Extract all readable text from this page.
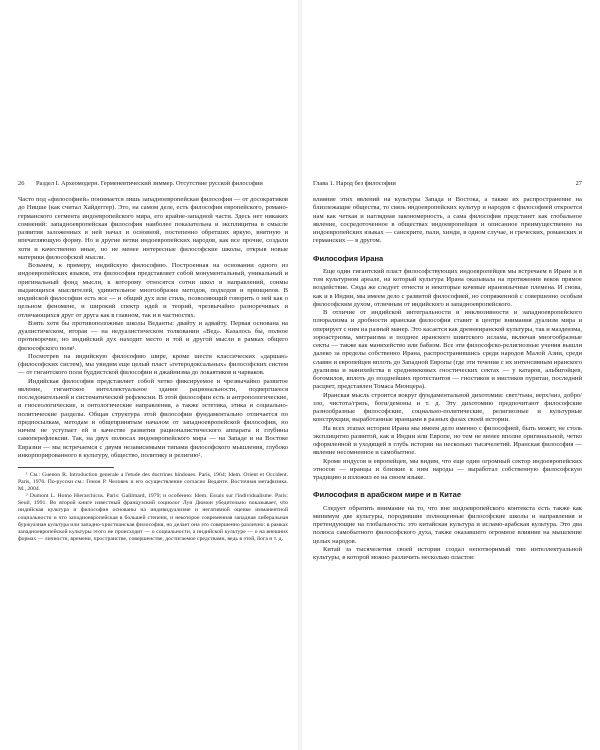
26 Раздел I. Археомодерн. Герменевтический зиммер. Отсутствие русской философии

Часто под «философией» понимается лишь западноевропейская философия — от досократиков до Ницше (как считал Хайдеггер). Это, на самом деле, есть философия европейского, романо-германского сегмента индоевропейского мира, его крайне-западной части. Здесь нет никаких сомнений: западноевропейская философия наиболее показательна и эксплицитна в смысле развития заложенных в ней начал и основной, постепенно обретших яркую, внятную и впечатляющую форму. Но и другие ветви индоевропейских народов, как все прочие, создали хотя и качественно иные, но не менее интересные философские школы, открыв новые материки философской мысли.

Возьмем, к примеру, индийскую философию. Построенная на основании одного из индоевропейских языков, эта философия представляет собой монументальный, уникальный и оригинальный фонд мысли, к которому относятся сотни школ и направлений, сонмы выдающихся мыслителей, удивительное многообразие методов, подходов и принципов. В индийской философии есть все — и общий дух или стиль, позволяющий говорить о ней как о цельном феномене, и широкий спектр идей и теорий, чрезвычайно разноречивых и отличающихся друг от друга как в главном, так и в частностях.

Взять хотя бы противоположные школы Веданты: двайту и адвайту. Первая основана на дуалистическом, вторая — на недуалистическом толковании «Вед». Казалось бы, полное противоречие, но индийский дух находит место и той и другой мысли в рамках общего философского поля¹.

Посмотрев на индийскую философию шире, кроме шести классических «даршан» (философских систем), мы увидим еще целый пласт «гетеродоксальных» философских систем — от гигантского поля буддистской философии и джайнизма до локаятиков и чарваков.

Индийская философия представляет собой четко фиксируемое и чрезвычайно развитое явление, гигантское интеллектуальное здание рациональности, подвергшееся последовательной и систематической рефлексии. В этой философии есть и антропологические, и гносеологические, и онтологические направления, а также эстетика, этика и социально-политические разделы. Общая структура этой философии фундаментально отличается по предпосылкам, методам и общепринятым началом от западноевропейской философии, но ничем не уступает ей в качестве развития рационалистического аппарата и глубины самоперефлексии. Так, на двух полюсах индоевропейского мира — на Западе и на Востоке Евразии — мы встречаемся с двумя независимыми типами философского мышления, глубоко инкорпорированного в культуру, общество, политику и религию².

¹ См.: Guenon R. Introduction generale a l'etude des doctrines hindoues. Paris, 1964; Idem. Orient et Occident. Paris, 1976. По-русски см.: Генон Р. Человек и его осуществление согласно Веданте. Восточная метафизика. М., 2004.

² Dumont L. Homo Hierarchicus. Paris: Gallimard, 1979; и особенно: Idem. Essais sur l'individualisme. Paris: Seuil, 1991. Во второй книге известный французский социолог Луи Дюмон убедительно показывает, что индийская культура и философия основаны на индивидуализме и негативной оценке имманентной социальности и что западноевропейская в большей степени, и некоторое современная западная либеральная буржуазная культура или западно-христианская философия, но делает она это совершенно различно: в рамках западноевропейской культуры этого не происходит — о социальности, а индийской культуре — о на внешних формах — личности, времени, пространстве, совершенстве, достигаемое средствами, ведь в этой, йога и т. д.

Глава 1. Народ без философии	27

влияние этих явлений на культуры Запада и Востока, а также их распространение на близлежащие общества, то связь индоевропейских культур и народов с философией откроется нам как четкая и наглядная закономерность, а сама философия предстанет как глобальное явление, сосредоточенное в обществах индоевропейцев и описанное преимущественно на индоевропейских языках — санскрите, пали, хинди, в одном случае, и греческих, романских и германских — в другом.

Философия Ирана

Еще один гигантский пласт философствующих индоевропейцев мы встречаем в Иране и в том культурном ареале, на который культура Ирана оказывала на протяжении веков прямое воздействие. Сюда же следует отнести и некоторые кочевые ираноязычные племена. И снова, как и в Индии, мы имеем дело с развитой философией, но сопряженной с совершенно особым философским духом, отличным от индийского и западноевропейского.

В отличие от индийской интегральности и инклюзивности и западноевропейского плюрализма и дробности иранская философия ставит в центре внимания дуализм мира и оперирует с ним на разный манер. Это касается как древнеиранской культуры, так и маздеизма, зороастризма, митраизма и позднее иранского шиитского ислама, включая многообразные секты — также как манихейство или бабизм. Все эти философско-религиозные учения вышли далеко за пределы собственно Ирана, распространившись среди народов Малой Азии, среди славян и европейцев вплоть до Западной Европы (где эти течения с их интенсивным иранского дуализма и манихейства в средневековых гностических сектах — у катаров, альбигойцев, богомилов, вплоть до позднейших протестантов — гностиков и мистиков пуритан, последний расцвет, представлен Томаса Мюнцера).

Иранская мысль строится вокруг фундаментальной дихотомии: свет/тьма, верх/низ, добро/зло, чистота/грязь, боги/демоны и т. д. Эту дихотомию предпочитают философские разнообразные философские, социально-политические, религиозные и культурные конструкции, выработанные иранцами в разных фазах своей истории.

На всех этапах истории Ирана мы имеем дело именно с философией, быть может, не столь эксплицитно развитой, как в Индии или Европе, но тем не менее вполне оригинальной, четко оформленной и уходящей в глубь истории на несколько тысячелетий. Иранская философия — явление несомненное и самобытное.

Кроме индусов и европейцев, мы видим, что еще один огромный сектор индоевропейских этносов — иранцы и близкие к ним народы — выработал собственную философскую традицию и изложил ее на своем языке.

Философия в арабском мире и в Китае

Следует обратить внимание на то, что вне индоевропейского контекста есть также как минимум две культуры, породившие полноценные философские школы и направления и претендующие на глобальность: это китайская культура и исламо-арабская культура. Это два полюса самобытного философского духа, также оказавшего огромное влияние на мышление целых народов.

Китай за тысячелетия своей истории создал непотворимый тип интеллектуальной культуры, в которой можно различить несколько пластов:
